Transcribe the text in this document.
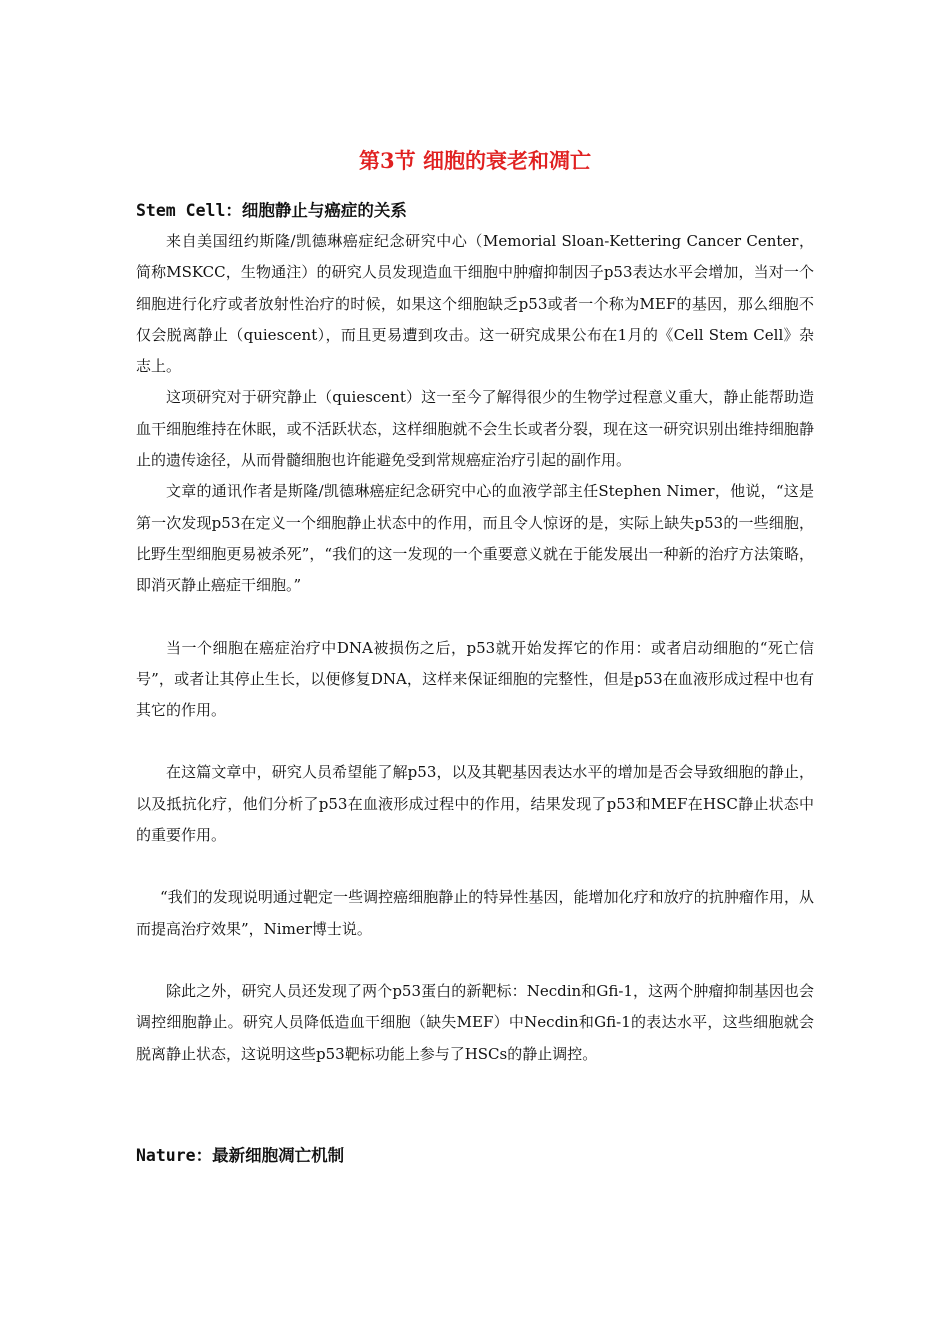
第3节 细胞的衰老和凋亡
Stem Cell：细胞静止与癌症的关系

来自美国纽约斯隆/凯德琳癌症纪念研究中心（Memorial Sloan-Kettering Cancer Center，简称MSKCC，生物通注）的研究人员发现造血干细胞中肿瘤抑制因子p53表达水平会增加，当对一个细胞进行化疗或者放射性治疗的时候，如果这个细胞缺乏p53或者一个称为MEF的基因，那么细胞不仅会脱离静止（quiescent），而且更易遭到攻击。这一研究成果公布在1月的《Cell Stem Cell》杂志上。

这项研究对于研究静止（quiescent）这一至今了解得很少的生物学过程意义重大，静止能帮助造血干细胞维持在休眠，或不活跃状态，这样细胞就不会生长或者分裂，现在这一研究识别出维持细胞静止的遗传途径，从而骨髓细胞也许能避免受到常规癌症治疗引起的副作用。

文章的通讯作者是斯隆/凯德琳癌症纪念研究中心的血液学部主任Stephen Nimer，他说，“这是第一次发现p53在定义一个细胞静止状态中的作用，而且令人惊讶的是，实际上缺失p53的一些细胞，比野生型细胞更易被杀死”，“我们的这一发现的一个重要意义就在于能发展出一种新的治疗方法策略，即消灭静止癌症干细胞。”

当一个细胞在癌症治疗中DNA被损伤之后，p53就开始发挥它的作用：或者启动细胞的“死亡信号”，或者让其停止生长，以便修复DNA，这样来保证细胞的完整性，但是p53在血液形成过程中也有其它的作用。

在这篇文章中，研究人员希望能了解p53，以及其靶基因表达水平的增加是否会导致细胞的静止，以及抵抗化疗，他们分析了p53在血液形成过程中的作用，结果发现了p53和MEF在HSC静止状态中的重要作用。

“我们的发现说明通过靶定一些调控癌细胞静止的特异性基因，能增加化疗和放疗的抗肿瘤作用，从而提高治疗效果”，Nimer博士说。

除此之外，研究人员还发现了两个p53蛋白的新靶标：Necdin和Gfi-1，这两个肿瘤抑制基因也会调控细胞静止。研究人员降低造血干细胞（缺失MEF）中Necdin和Gfi-1的表达水平，这些细胞就会脱离静止状态，这说明这些p53靶标功能上参与了HSCs的静止调控。

Nature：最新细胞凋亡机制
